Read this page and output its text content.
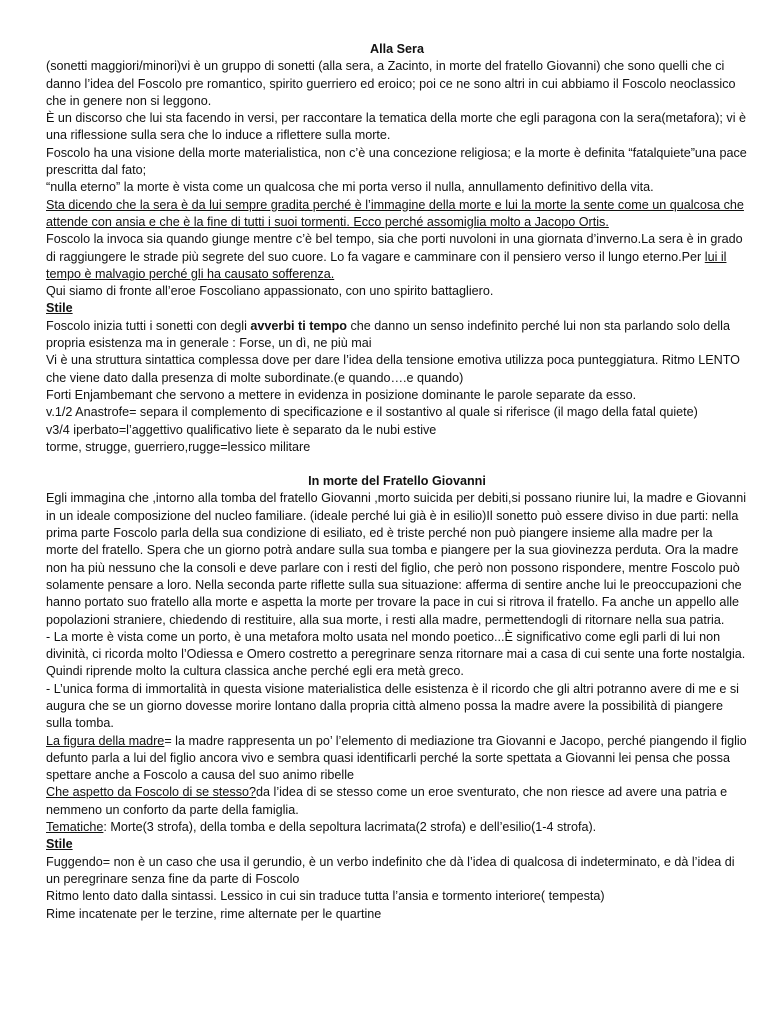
Alla Sera

(sonetti maggiori/minori)vi è un gruppo di sonetti (alla sera, a Zacinto, in morte del fratello Giovanni) che sono quelli che ci danno l’idea del Foscolo pre romantico, spirito guerriero ed eroico; poi ce ne sono altri in cui abbiamo il Foscolo neoclassico che in genere non si leggono.

È un discorso che lui sta facendo in versi, per raccontare la tematica della morte che egli paragona con la sera(metafora); vi è una riflessione sulla sera che lo induce a riflettere sulla morte.

Foscolo ha una visione della morte materialistica, non c’è una concezione religiosa; e la morte è definita “fatalquiete”una pace prescritta dal fato;

“nulla eterno” la morte è vista come un qualcosa che mi porta verso il nulla, annullamento definitivo della vita.

Sta dicendo che la sera è da lui sempre gradita perché è l’immagine della morte e lui la morte la sente come un qualcosa che attende con ansia e che è la fine di tutti i suoi tormenti. Ecco perché assomiglia molto a Jacopo Ortis.

Foscolo la invoca sia quando giunge mentre c’è bel tempo, sia che porti nuvoloni in una giornata d’inverno.La sera è in grado di raggiungere le strade più segrete del suo cuore. Lo fa vagare e camminare con il pensiero verso il lungo eterno.Per lui il tempo è malvagio perché gli ha causato sofferenza.

Qui siamo di fronte all’eroe Foscoliano appassionato, con uno spirito battagliero.

Stile

Foscolo inizia tutti i sonetti con degli avverbi ti tempo che danno un senso indefinito perché lui non sta parlando solo della propria esistenza ma in generale : Forse, un dì, ne più mai

Vi è una struttura sintattica complessa dove per dare l’idea della tensione emotiva utilizza poca punteggiatura. Ritmo LENTO che viene dato dalla presenza di molte subordinate.(e quando….e quando)

Forti Enjambemant che servono a mettere in evidenza in posizione dominante le parole separate da esso.

v.1/2 Anastrofe= separa il complemento di specificazione e il sostantivo al quale si riferisce (il mago della fatal quiete)

v3/4 iperbato=l’aggettivo qualificativo liete è separato da le nubi estive

torme, strugge, guerriero,rugge=lessico militare

In morte del Fratello Giovanni

Egli immagina che ,intorno alla tomba del fratello Giovanni ,morto suicida per debiti,si possano riunire lui, la madre e Giovanni in un ideale composizione del nucleo familiare. (ideale perché lui già è in esilio)Il sonetto può essere diviso in due parti: nella prima parte Foscolo parla della sua condizione di esiliato, ed è triste perché non può piangere insieme alla madre per la morte del fratello. Spera che un giorno potrà andare sulla sua tomba e piangere per la sua giovinezza perduta. Ora la madre non ha più nessuno che la consoli e deve parlare con i resti del figlio, che però non possono rispondere, mentre Foscolo può solamente pensare a loro. Nella seconda parte riflette sulla sua situazione: afferma di sentire anche lui le preoccupazioni che hanno portato suo fratello alla morte e aspetta la morte per trovare la pace in cui si ritrova il fratello. Fa anche un appello alle popolazioni straniere, chiedendo di restituire, alla sua morte, i resti alla madre, permettendogli di ritornare nella sua patria.

- La morte è vista come un porto, è una metafora molto usata nel mondo poetico...È significativo come egli parli di lui non divinità, ci ricorda molto l’Odiessa e Omero costretto a peregrinare senza ritornare mai a casa di cui sente una forte nostalgia. Quindi riprende molto la cultura classica anche perché egli era metà greco.

- L’unica forma di immortalità in questa visione materialistica delle esistenza è il ricordo che gli altri potranno avere di me e si augura che se un giorno dovesse morire lontano dalla propria città almeno possa la madre avere la possibilità di piangere sulla tomba.

La figura della madre= la madre rappresenta un po’ l’elemento di mediazione tra Giovanni e Jacopo, perché piangendo il figlio defunto parla a lui del figlio ancora vivo e sembra quasi identificarli perché la sorte spettata a Giovanni lei pensa che possa spettare anche a Foscolo a causa del suo animo ribelle

Che aspetto da Foscolo di se stesso?da l’idea di se stesso come un eroe sventurato, che non riesce ad avere una patria e nemmeno un conforto da parte della famiglia.

Tematiche: Morte(3 strofa), della tomba e della sepoltura lacrimata(2 strofa) e dell’esilio(1-4 strofa).

Stile

Fuggendo= non è un caso che usa il gerundio, è un verbo indefinito che dà l’idea di qualcosa di indeterminato, e dà l’idea di un peregrinare senza fine da parte di Foscolo

Ritmo lento dato dalla sintassi. Lessico in cui sin traduce tutta l’ansia e tormento interiore( tempesta)

Rime incatenate per le terzine, rime alternate per le quartine
